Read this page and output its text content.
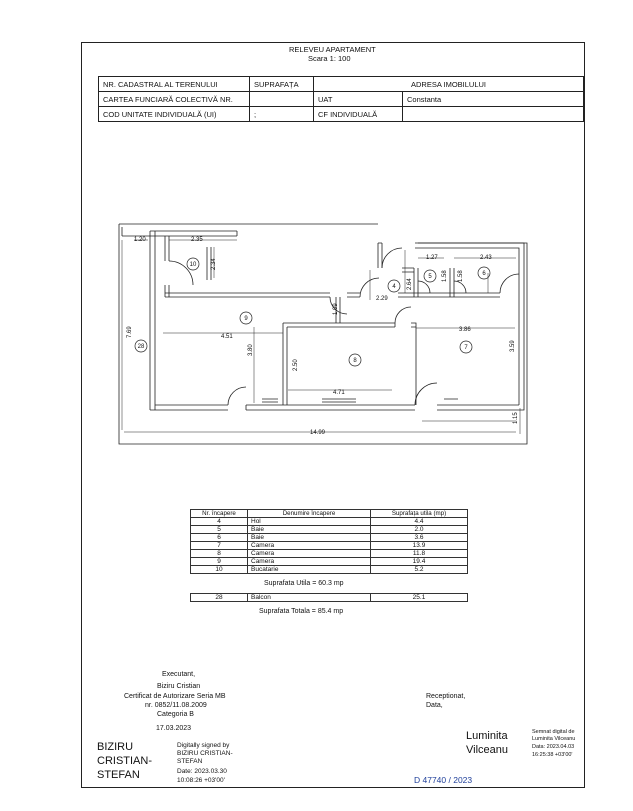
RELEVEU APARTAMENT
Scara 1: 100
NR. CADASTRAL AL TERENULUI	SUPRAFAȚA	ADRESA IMOBILULUI	
CARTEA FUNCIARĂ COLECTIVĂ NR.		UAT	Constanta
COD UNITATE INDIVIDUALĂ (UI)	;	CF INDIVIDUALĂ	
10
9
28
8
4
5	6
7
1.20	2.35
2.34
1.27
1.58
2.43
1.58
2.64
2.29
1.09
4.51
3.80
2.50
3.86
3.59
4.71
7.69
14.99
1.15
Nr. încapere	Denumire încapere	Suprafața utila (mp)
4	Hol	4.4
5	Baie	2.0
6	Baie	3.6
7	Camera	13.9
8	Camera	11.8
9	Camera	19.4
10	Bucatarie	5.2
Suprafata Utila = 60.3 mp
28	Balcon	25.1
Suprafata Totala = 85.4 mp
Executant,
Biziru Cristian
Certificat de Autorizare Seria MB
nr. 0852/11.08.2009
Categoria B
17.03.2023
Receptionat,
Data,
BIZIRU
CRISTIAN-
STEFAN
Digitally signed by
BIZIRU CRISTIAN-
STEFAN
Date: 2023.03.30
10:08:26 +03'00'
Luminita
Vilceanu
Semnat digital de
Luminita Vilceanu
Data: 2023.04.03
16:25:38 +03'00'
D 47740 / 2023
